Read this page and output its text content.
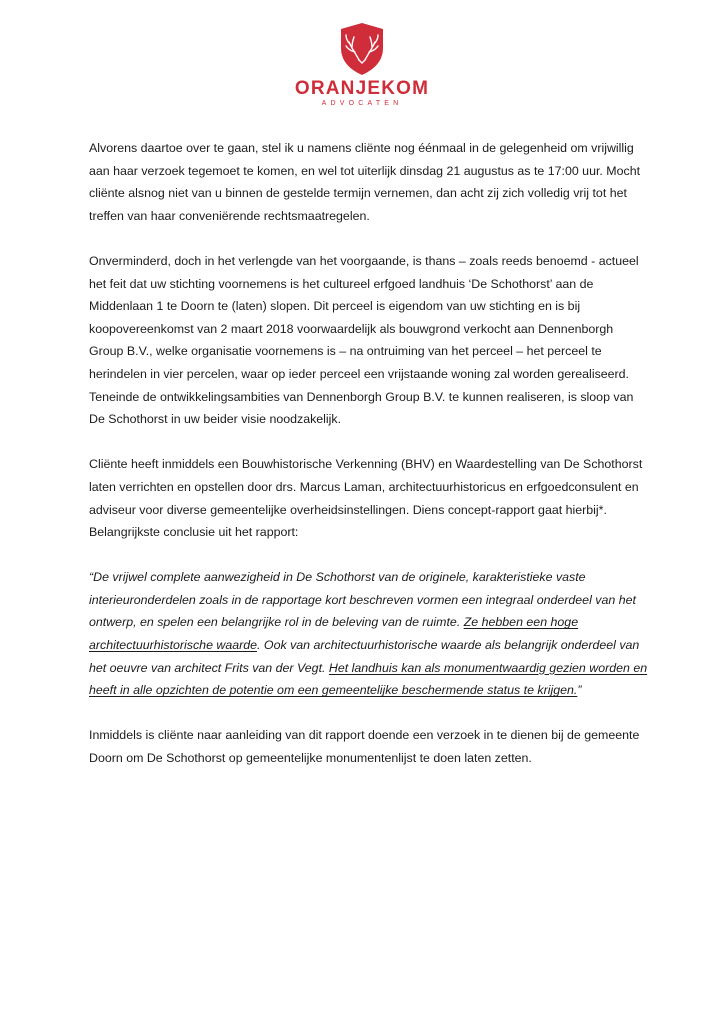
ORANJEKOM
ADVOCATEN

Alvorens daartoe over te gaan, stel ik u namens cliënte nog éénmaal in de gelegenheid om vrijwillig
aan haar verzoek tegemoet te komen, en wel tot uiterlijk dinsdag 21 augustus as te 17:00 uur. Mocht
cliënte alsnog niet van u binnen de gestelde termijn vernemen, dan acht zij zich volledig vrij tot het
treffen van haar conveniërende rechtsmaatregelen.

Onverminderd, doch in het verlengde van het voorgaande, is thans – zoals reeds benoemd - actueel
het feit dat uw stichting voornemens is het cultureel erfgoed landhuis ‘De Schothorst’ aan de
Middenlaan 1 te Doorn te (laten) slopen. Dit perceel is eigendom van uw stichting en is bij
koopovereenkomst van 2 maart 2018 voorwaardelijk als bouwgrond verkocht aan Dennenborgh
Group B.V., welke organisatie voornemens is – na ontruiming van het perceel – het perceel te
herindelen in vier percelen, waar op ieder perceel een vrijstaande woning zal worden gerealiseerd.
Teneinde de ontwikkelingsambities van Dennenborgh Group B.V. te kunnen realiseren, is sloop van
De Schothorst in uw beider visie noodzakelijk.

Cliënte heeft inmiddels een Bouwhistorische Verkenning (BHV) en Waardestelling van De Schothorst
laten verrichten en opstellen door drs. Marcus Laman, architectuurhistoricus en erfgoedconsulent en
adviseur voor diverse gemeentelijke overheidsinstellingen. Diens concept-rapport gaat hierbij*.
Belangrijkste conclusie uit het rapport:

“De vrijwel complete aanwezigheid in De Schothorst van de originele, karakteristieke vaste
interieuronderdelen zoals in de rapportage kort beschreven vormen een integraal onderdeel van het
ontwerp, en spelen een belangrijke rol in de beleving van de ruimte. Ze hebben een hoge
architectuurhistorische waarde. Ook van architectuurhistorische waarde als belangrijk onderdeel van
het oeuvre van architect Frits van der Vegt. Het landhuis kan als monumentwaardig gezien worden en
heeft in alle opzichten de potentie om een gemeentelijke beschermende status te krijgen.”

Inmiddels is cliënte naar aanleiding van dit rapport doende een verzoek in te dienen bij de gemeente
Doorn om De Schothorst op gemeentelijke monumentenlijst te doen laten zetten.
